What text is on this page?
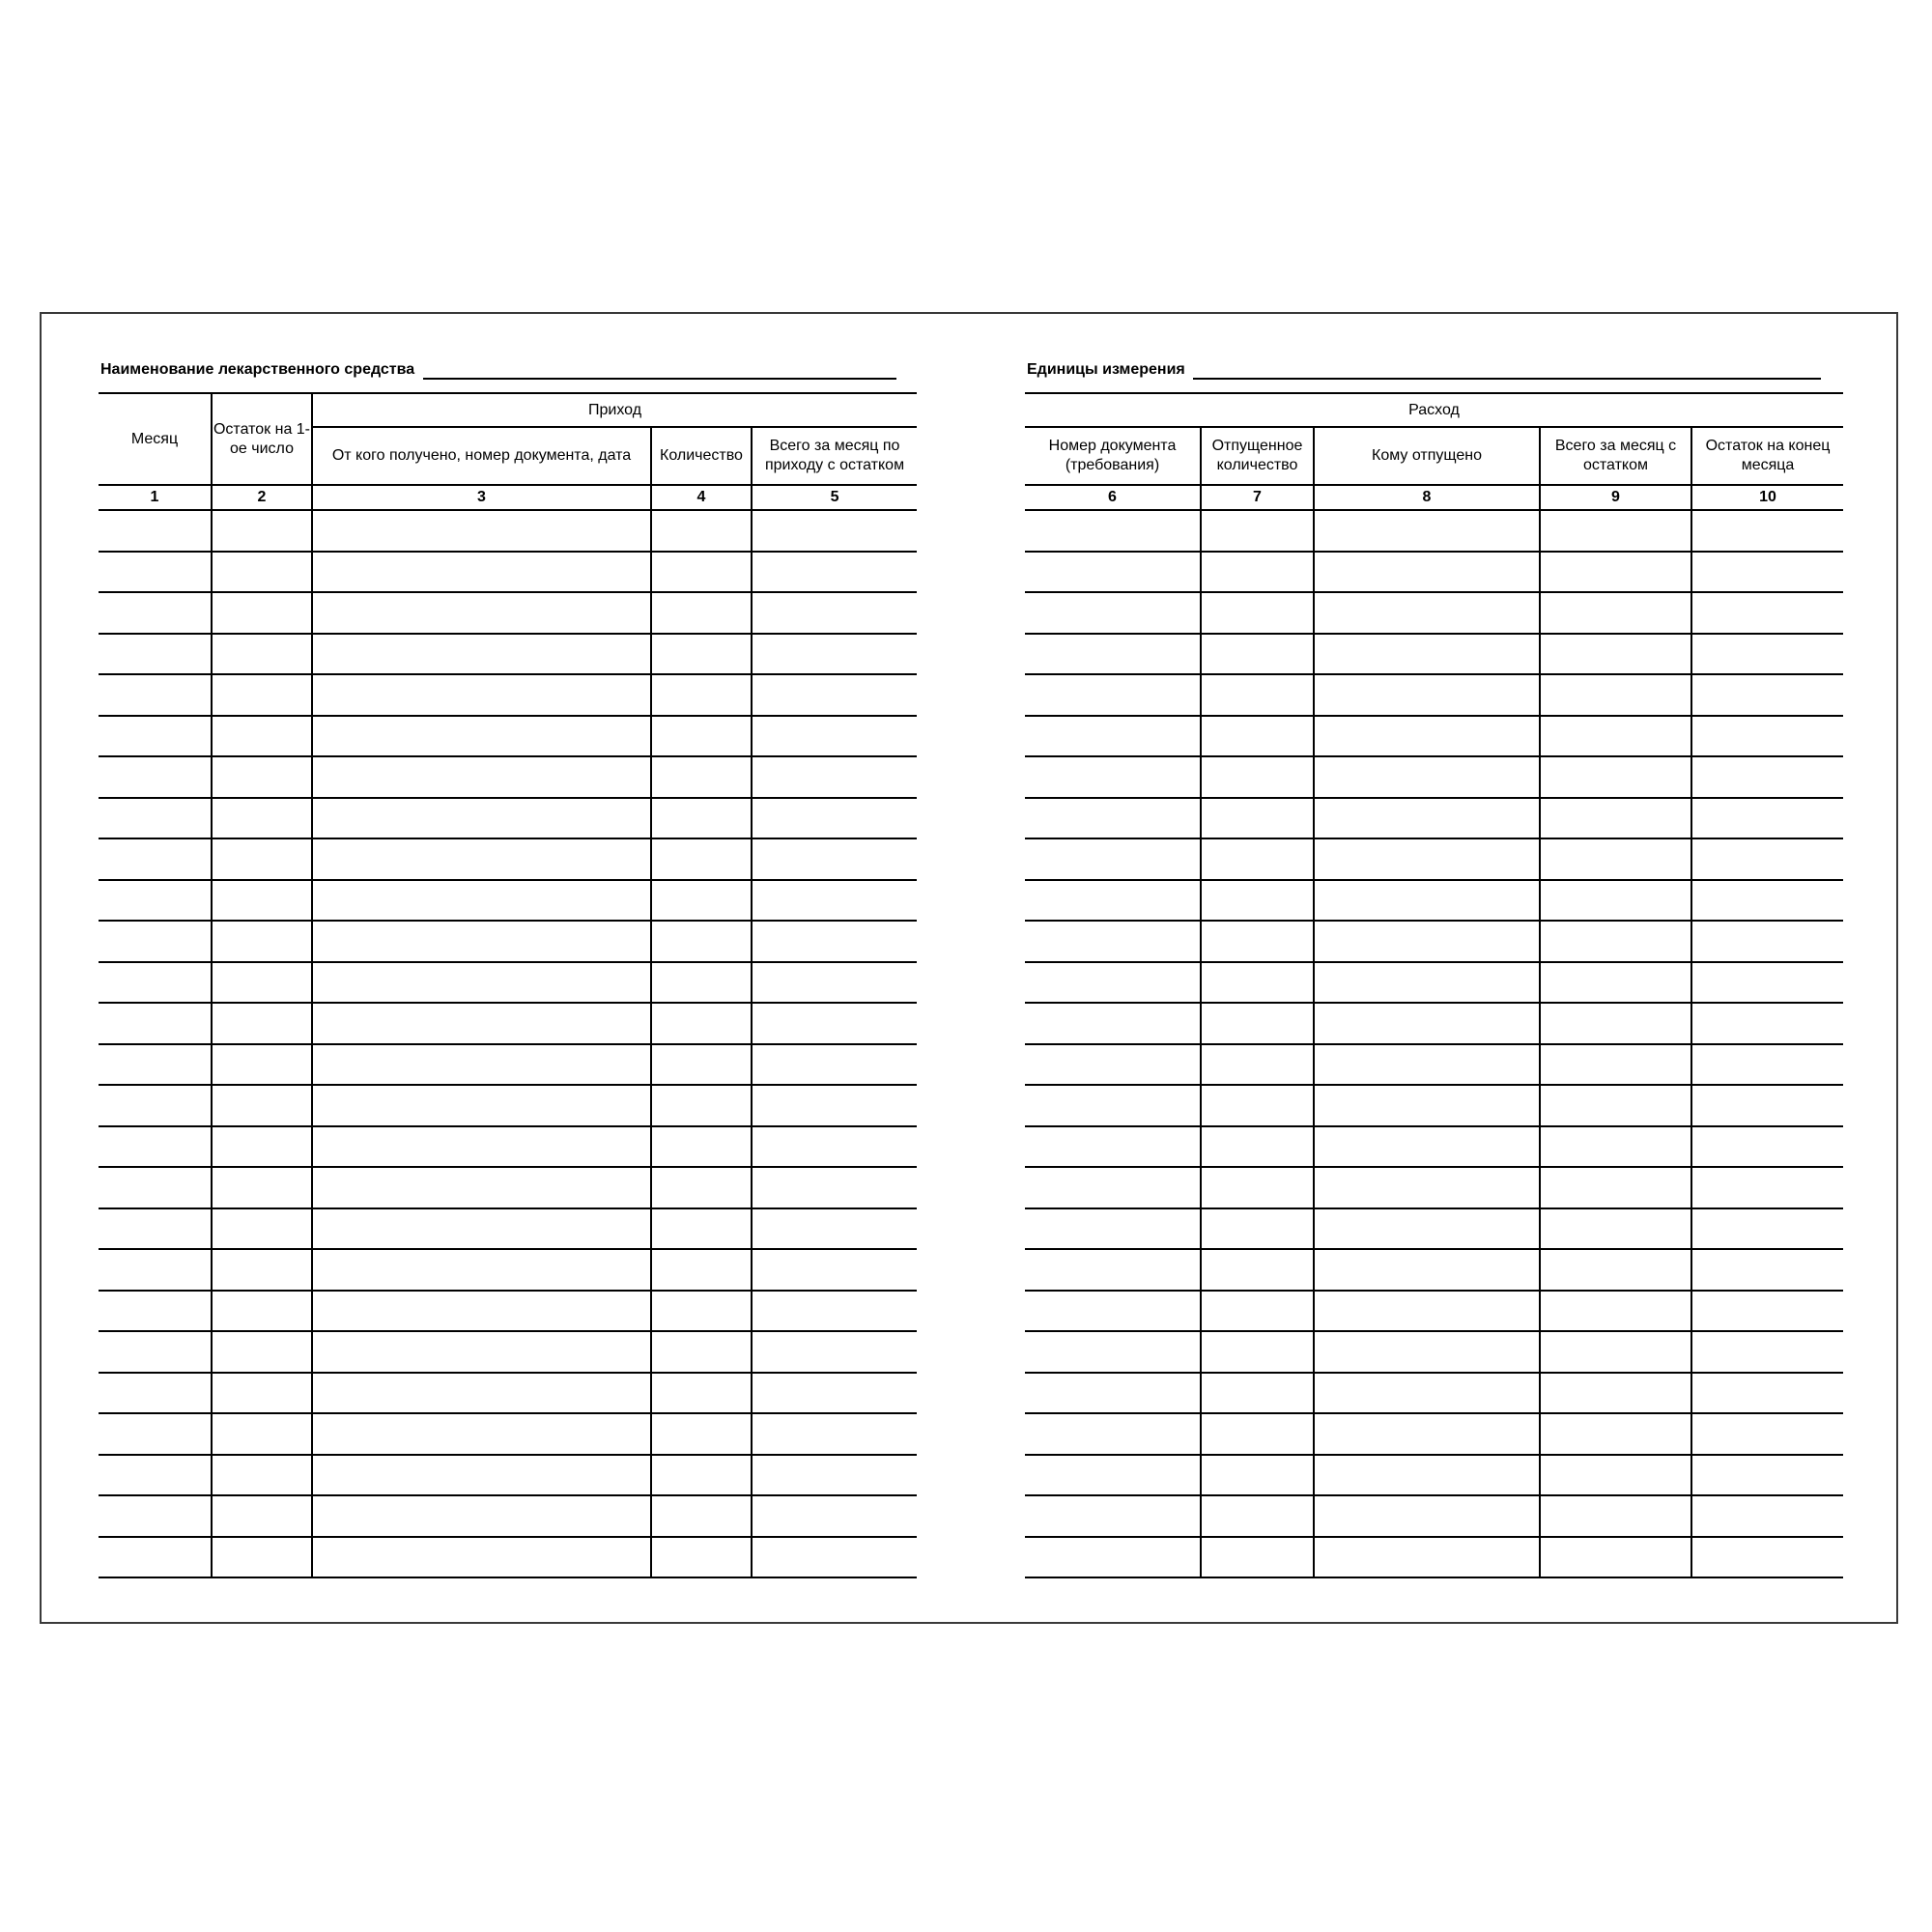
Наименование лекарственного средства
Месяц	Остаток на 1-ое число	Приход		
		От кого получено, номер документа, дата	Количество	Всего за месяц по приходу с остатком
1	2	3	4	5

Единицы измерения
Расход				
Номер документа (требования)	Отпущенное количество	Кому отпущено	Всего за месяц с остатком	Остаток на конец месяца
6	7	8	9	10
